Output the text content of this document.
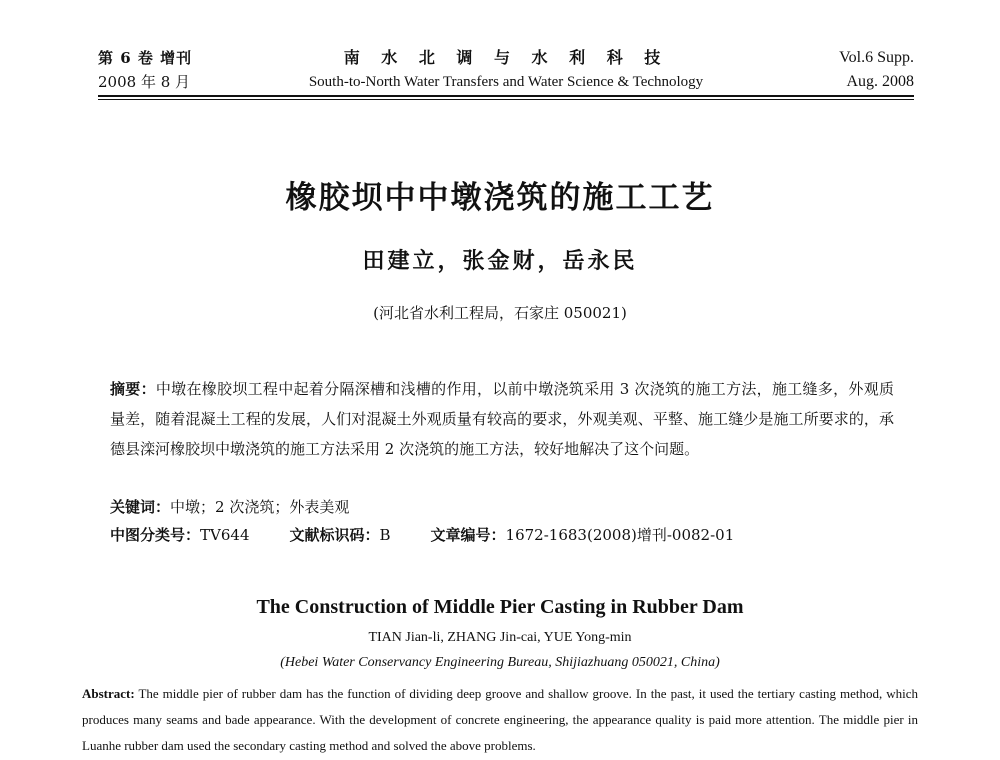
第 6 卷 增刊
2008 年 8 月
南 水 北 调 与 水 利 科 技
South-to-North Water Transfers and Water Science & Technology
Vol.6 Supp.
Aug. 2008
橡胶坝中中墩浇筑的施工工艺
田建立，张金财，岳永民
(河北省水利工程局，石家庄 050021)
摘要：中墩在橡胶坝工程中起着分隔深槽和浅槽的作用，以前中墩浇筑采用 3 次浇筑的施工方法，施工缝多，外观质量差，随着混凝土工程的发展，人们对混凝土外观质量有较高的要求，外观美观、平整、施工缝少是施工所要求的，承德县滦河橡胶坝中墩浇筑的施工方法采用 2 次浇筑的施工方法，较好地解决了这个问题。
关键词：中墩；2 次浇筑；外表美观
中图分类号：TV644	文献标识码：B	文章编号：1672-1683(2008)增刊-0082-01
The Construction of Middle Pier Casting in Rubber Dam
TIAN Jian-li, ZHANG Jin-cai, YUE Yong-min
(Hebei Water Conservancy Engineering Bureau, Shijiazhuang 050021, China)
Abstract: The middle pier of rubber dam has the function of dividing deep groove and shallow groove. In the past, it used the tertiary casting method, which produces many seams and bade appearance. With the development of concrete engineering, the appearance quality is paid more attention. The middle pier in Luanhe rubber dam used the secondary casting method and solved the above problems.
